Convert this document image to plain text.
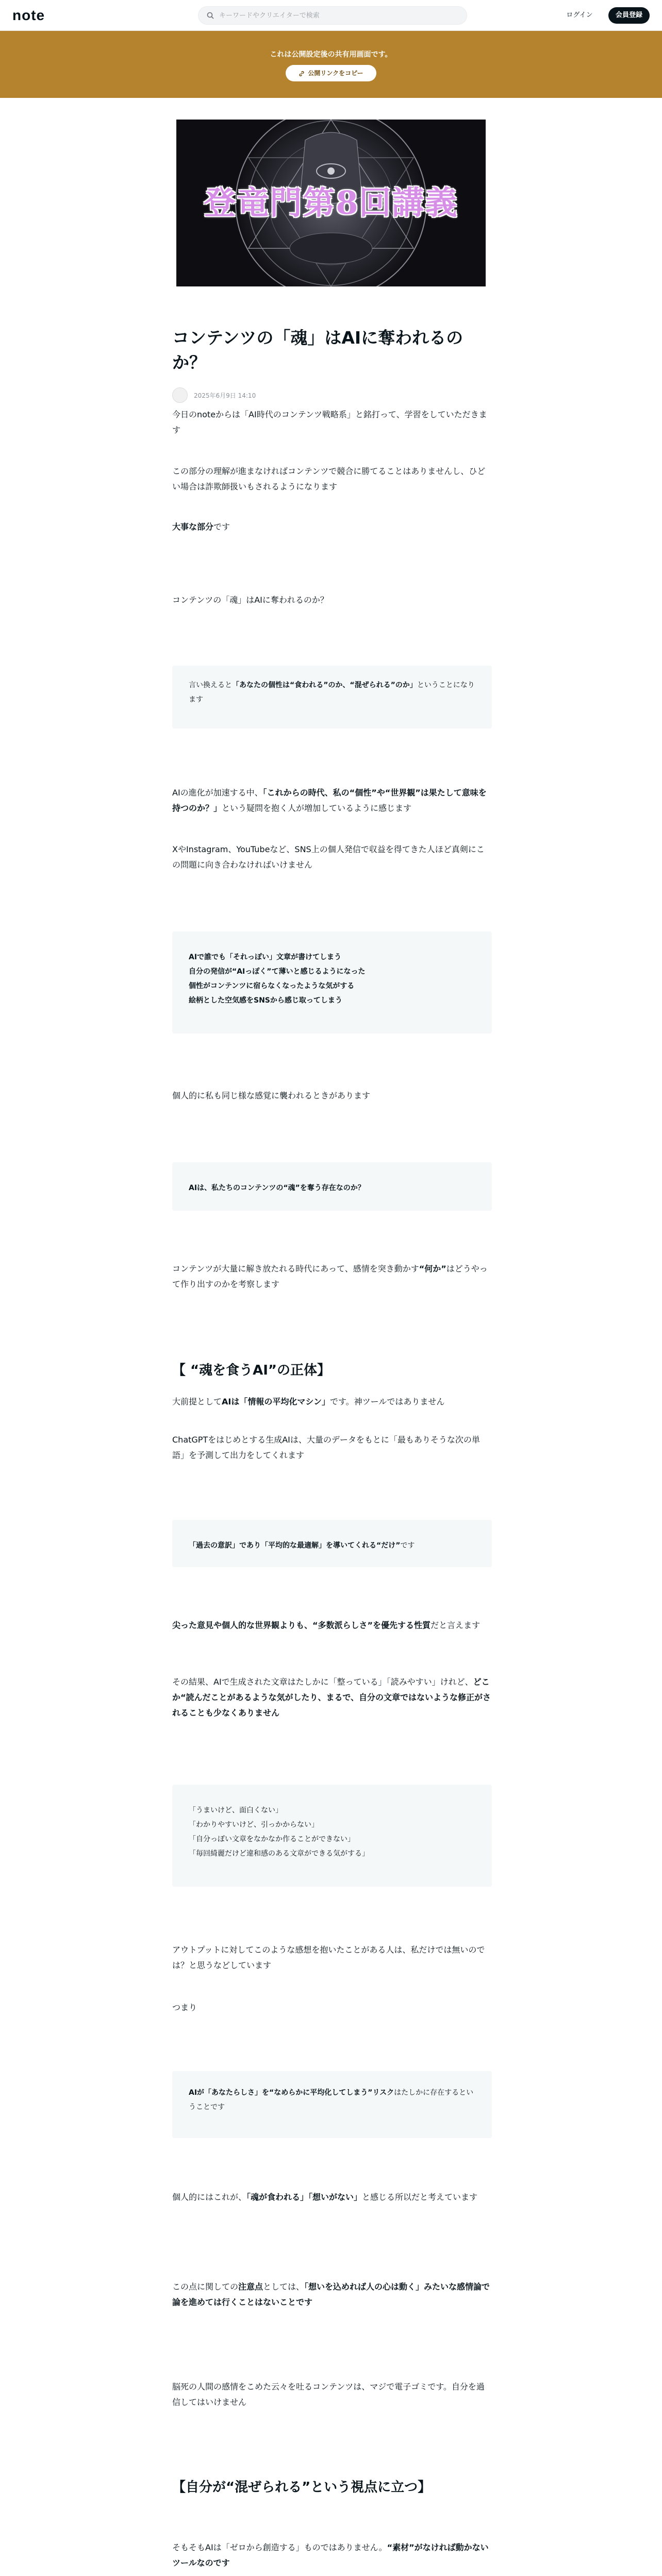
note
キーワードやクリエイターで検索	ログイン	会員登録
これは公開設定後の共有用画面です。
公開リンクをコピー
登竜門第8回講義
コンテンツの「魂」はAIに奪われるのか？
2025年6月9日 14:10
今日のnoteからは「AI時代のコンテンツ戦略系」と銘打って、学習をしていただきます
この部分の理解が進まなければコンテンツで競合に勝てることはありませんし、ひどい場合は詐欺師扱いもされるようになります
大事な部分です
コンテンツの「魂」はAIに奪われるのか？
言い換えると「あなたの個性は“食われる”のか、“混ぜられる”のか」ということになります
AIの進化が加速する中、「これからの時代、私の“個性”や“世界観”は果たして意味を持つのか？」という疑問を抱く人が増加しているように感じます
XやInstagram、YouTubeなど、SNS上の個人発信で収益を得てきた人ほど真剣にこの問題に向き合わなければいけません
AIで誰でも「それっぽい」文章が書けてしまう
自分の発信が“AIっぽく”て薄いと感じるようになった
個性がコンテンツに宿らなくなったような気がする
絵柄とした空気感をSNSから感じ取ってしまう
個人的に私も同じ様な感覚に襲われるときがあります
AIは、私たちのコンテンツの“魂”を奪う存在なのか？
コンテンツが大量に解き放たれる時代にあって、感情を突き動かす“何か”はどうやって作り出すのかを考察します
【 “魂を食うAI”の正体】
大前提としてAIは「情報の平均化マシン」です。神ツールではありません
ChatGPTをはじめとする生成AIは、大量のデータをもとに「最もありそうな次の単語」を予測して出力をしてくれます
「過去の意訳」であり「平均的な最適解」を導いてくれる“だけ”です
尖った意見や個人的な世界観よりも、“多数派らしさ”を優先する性質だと言えます
その結果、AIで生成された文章はたしかに「整っている」「読みやすい」けれど、どこか“読んだことがあるような気がしたり、まるで、自分の文章ではないような修正がされることも少なくありません
「うまいけど、面白くない」
「わかりやすいけど、引っかからない」
「自分っぽい文章をなかなか作ることができない」
「毎回綺麗だけど違和感のある文章ができる気がする」
アウトプットに対してこのような感想を抱いたことがある人は、私だけでは無いのでは？と思うなどしています
つまり
AIが「あなたらしさ」を“なめらかに平均化してしまう”リスクはたしかに存在するということです
個人的にはこれが、「魂が食われる」「想いがない」と感じる所以だと考えています
この点に関しての注意点としては、「想いを込めれば人の心は動く」みたいな感情論で論を進めては行くことはないことです
脳死の人間の感情をこめた云々を吐るコンテンツは、マジで電子ゴミです。自分を過信してはいけません
【自分が“混ぜられる”という視点に立つ】
そもそもAIは「ゼロから創造する」ものではありません。“素材”がなければ動かないツールなのです
